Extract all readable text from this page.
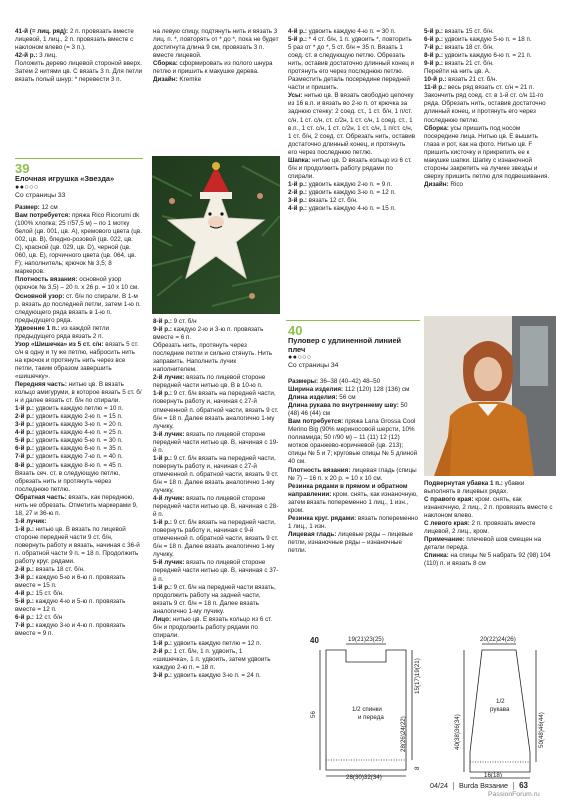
41-й (= лиц. ряд): 2 п. провязать вместе лицевой, 1 лиц., 2 п. провязать вместе с наклоном влево (= 3 п.).

42-й р.: 3 лиц.

Положить дерево лицевой стороной вверх. Затем 2 нитями цв. C вязать 3 п. Для петли вязать полый шнур: * перевести 3 п.

39
Елочная игрушка «Звезда»
●●○○○
Со страницы 33

Размер: 12 см

Вам потребуется: пряжа Rico Ricorumi dk (100% хлопка; 25 г/57,5 м) – по 1 мотку белой (цв. 001, цв. A), кремового цвета (цв. 002, цв. B), бледно-розовой (цв. 022, цв. C), красной (цв. 029, цв. D), черной (цв. 060, цв. E), горчичного цвета (цв. 064, цв. F); наполнитель; крючок № 3,5; 8 маркеров.

Плотность вязания: основной узор (крючок № 3,5) – 20 п. x 26 р. = 10 x 10 см.

Основной узор: ст. б/н по спирали. В 1-м р. вязать до последней петли, затем 1-ю п. следующего ряда вязать в 1-ю п. предыдущего ряда.

Удвоение 1 п.: из каждой петли предыдущего ряда вязать 2 п.

Узор «Шишечка» из 5 ст. с/н: вязать 5 ст. с/н в одну и ту же петлю, набросить нить на крючок и протянуть нить через все петли, таким образом завершить «шишечку».

Передняя часть: нитью цв. B вязать кольцо амигуруми, в которое вязать 5 ст. б/н и далее вязать ст. б/н по спирали.

1-й р.: удвоить каждую петлю = 10 п.

2-й р.: удвоить каждую 2-ю п. = 15 п.

3-й р.: удвоить каждую 3-ю п. = 20 п.

4-й р.: удвоить каждую 4-ю п. = 25 п.

5-й р.: удвоить каждую 5-ю п. = 30 п.

6-й р.: удвоить каждую 6-ю п. = 35 п.

7-й р.: удвоить каждую 7-ю п. = 40 п.

8-й р.: удвоить каждую 8-ю п. = 45 п. Вязать сеч. ст. в следующую петлю, обрезать нить и протянуть через последнюю петлю.

Обратная часть: вязать, как переднюю, нить не обрезать. Отметить маркерами 9, 18, 27 и 36-ю п.

1-й лучик:

1-й р.: нитью цв. B вязать по лицевой стороне передней части 9 ст. б/н, повернуть работу и вязать, начиная с 36-й п. обратной части 9 п. = 18 п. Продолжить работу круг. рядами.

2-й р.: вязать 18 ст. б/н.

3-й р.: каждую 5-ю и 6-ю п. провязать вместе = 15 п.

4-й р.: 15 ст. б/н.

5-й р.: каждую 4-ю и 5-ю п. провязать вместе = 12 п.

6-й р.: 12 ст. б/н

7-й р.: каждую 3-ю и 4-ю п. провязать вместе = 9 п.

на левую спицу, подтянуть нить и вязать 3 лиц. п. *, повторять от * до *, пока не будет достигнута длина 9 см, провязать 3 п. вместе лицевой.

Сборка: сформировать из полого шнура петлю и пришить к макушке дерева.

Дизайн: Kremke

8-й р.: 9 ст. б/н

9-й р.: каждую 2-ю и 3-ю п. провязать вместе = 6 п.

Обрезать нить, протянуть через последние петли и сильно стянуть. Нить заправить. Наполнить лучик наполнителем.

2-й лучик: вязать по лицевой стороне передней части нитью цв. B в 10-ю п.

1-й р.: 9 ст. б/н вязать на передней части, повернуть работу и, начиная с 27-й отмеченной п. обратной части, вязать 9 ст. б/н = 18 п. Далее вязать аналогично 1-му лучику.

3-й лучик: вязать по лицевой стороне передней части нитью цв. B, начиная с 19-й п.

1-й р.: 9 ст. б/н вязать на передней части, повернуть работу и, начиная с 27-й отмеченной п. обратной части, вязать 9 ст. б/н = 18 п. Далее вязать аналогично 1-му лучику.

4-й лучик: вязать по лицевой стороне передней части нитью цв. B, начиная с 28-й п.

1-й р.: 9 ст. б/н вязать на передней части, повернуть работу и, начиная с 9-й отмеченной п. обратной части, вязать 9 ст. б/н = 18 п. Далее вязать аналогично 1-му лучику.

5-й лучик: вязать по лицевой стороне передней части нитью цв. B, начиная с 37-й п.

1-й р.: 9 ст. б/н на передней части вязать, продолжить работу на задней части, вязать 9 ст. б/н = 18 п. Далее вязать аналогично 1-му лучику.

Лицо: нитью цв. E вязать кольцо из 6 ст. б/н и продолжить работу рядами по спирали.

1-й р.: удвоить каждую петлю = 12 п.

2-й р.: 1 ст. б/н, 1 п. удвоить, 1 «шишечка», 1 п. удвоить, затем удвоить каждую 2-ю п. = 18 п.

3-й р.: удвоить каждую 3-ю п. = 24 п.

4-й р.: удвоить каждую 4-ю п. = 30 п.

5-й р.: * 4 ст. б/н, 1 п. удвоить *, повторить 5 раз от * до *, 5 ст. б/н = 35 п. Вязать 1 соед. ст. в следующую петлю. Обрезать нить, оставив достаточно длинный конец и протянуть его через последнюю петлю. Разместить деталь посередине передней части и пришить.

Усы: нитью цв. B вязать свободно цепочку из 16 в.п. и вязать во 2-ю п. от крючка за заднюю стенку: 2 соед. ст., 1 ст. б/н, 1 п/ст. с/н, 1 ст. с/н, ст. с/2н, 1 ст. с/н, 1 соед. ст., 1 в.п., 1 ст. с/н, 1 ст. с/2н, 1 ст. с/н, 1 п/ст. с/н, 1 ст. б/н, 2 соед. ст. Обрезать нить, оставив достаточно длинный конец, и протянуть его через последнюю петлю.

Шапка: нитью цв. D вязать кольцо из 6 ст. б/н и продолжить работу рядами по спирали.

1-й р.: удвоить каждую 2-ю п. = 9 п.

2-й р.: удвоить каждую 3-ю п. = 12 п.

3-й р.: вязать 12 ст. б/н.

4-й р.: удвоить каждую 4-ю п. = 15 п.

40
Пуловер с удлиненной линией плеч
●●○○○
Со страницы 34

Размеры: 36–38 (40–42) 48–50

Ширина изделия: 112 (120) 128 (136) см

Длина изделия: 56 см

Длина рукава по внутреннему шву: 50 (48) 46 (44) см

Вам потребуется: пряжа Lana Grossa Cool Merino Big (90% мериносовой шерсти, 10% полиамида; 50 г/90 м) – 11 (11) 12 (12) мотков оранжево-коричневой (цв. 213); спицы № 5 и 7; круговые спицы № 5 длиной 40 см.

Плотность вязания: лицевая гладь (спицы № 7) – 16 п. x 20 р. = 10 x 10 см.

Резинка рядами в прямом и обратном направлении: кром. снять, как изнаночную, затем вязать попеременно 1 лиц., 1 изн., кром.

Резинка круг. рядами: вязать попеременно 1 лиц., 1 изн.

Лицевая гладь: лицевые ряды – лицевые петли, изнаночные ряды – изнаночные петли.

5-й р.: вязать 15 ст. б/н.

6-й р.: удвоить каждую 5-ю п. = 18 п.

7-й р.: вязать 18 ст. б/н.

8-й р.: удвоить каждую 6-ю п. = 21 п.

9-й р.: вязать 21 ст. б/н.

Перейти на нить цв. A.

10-й р.: вязать 21 ст. б/н.

11-й р.: весь ряд вязать ст. с/н = 21 п. Закончить ряд соед. ст. в 1-й ст. с/н 11-го ряда. Обрезать нить, оставив достаточно длинный конец, и протянуть его через последнюю петлю.

Сборка: усы пришить под носом посередине лица. Нитью цв. E вышить глаза и рот, как на фото. Нитью цв. F пришить кисточку и прикрепить ее к макушке шапки. Шапку с изнаночной стороны закрепить на лучике звезды и сверху пришить петлю для подвешивания.

Дизайн: Rico

Подвернутая убавка 1 п.: убавки выполнять в лицевых рядах.

С правого края: кром. снять, как изнаночную, 2 лиц., 2 п. провязать вместе с наклоном влево.

С левого края: 2 п. провязать вместе лицевой, 2 лиц., кром.

Примечание: плечевой шов смещен на детали переда.

Спинка: на спицы № 5 набрать 92 (98) 104 (110) п. и вязать 8 см

40	19(21)23(25)
1/2 спинки
и переда
56
15(17)19(21)
28(26)24(22)
8
28(30)32(34)
20(22)24(26)
1/2
рукава
40(38)36(34)	50(48)46(44)
16(18)
04/24 Burda Вязание 63
PassionForum.ru
